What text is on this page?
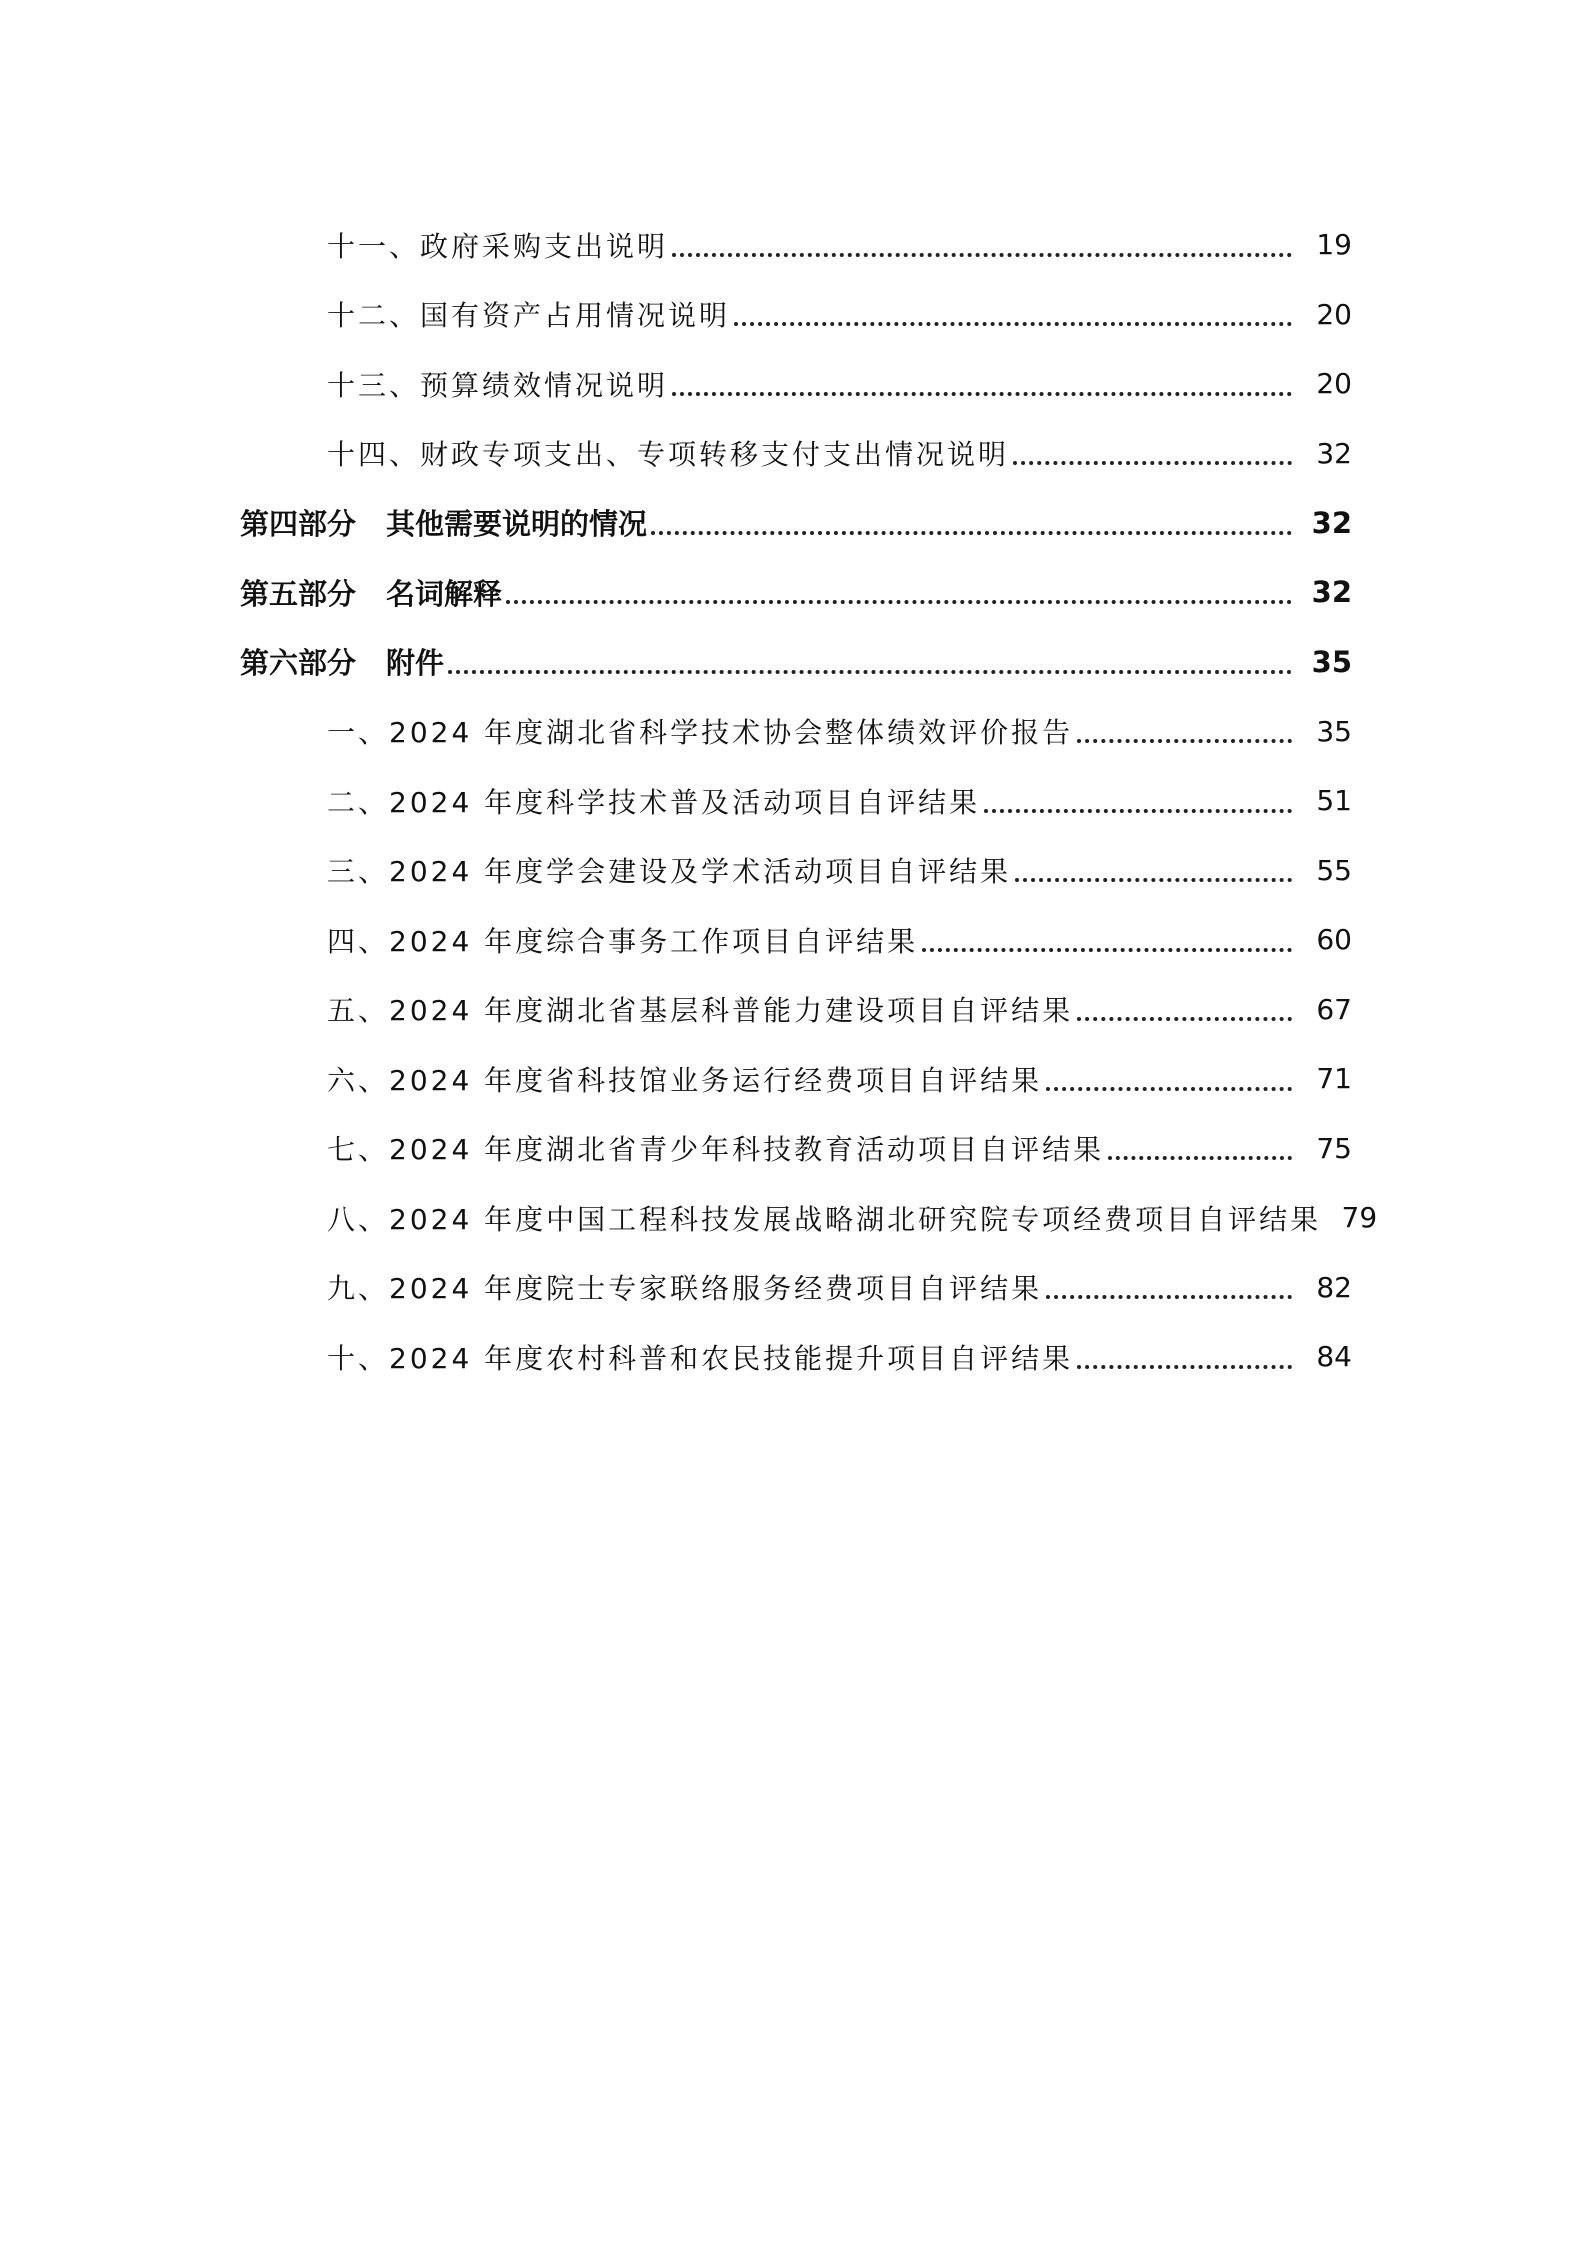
十一、政府采购支出说明	19
十二、国有资产占用情况说明	20
十三、预算绩效情况说明	20
十四、财政专项支出、专项转移支付支出情况说明	32
第四部分 其他需要说明的情况	32
第五部分 名词解释	32
第六部分 附件	35
一、2024 年度湖北省科学技术协会整体绩效评价报告	35
二、2024 年度科学技术普及活动项目自评结果	51
三、2024 年度学会建设及学术活动项目自评结果	55
四、2024 年度综合事务工作项目自评结果	60
五、2024 年度湖北省基层科普能力建设项目自评结果	67
六、2024 年度省科技馆业务运行经费项目自评结果	71
七、2024 年度湖北省青少年科技教育活动项目自评结果	75
八、2024 年度中国工程科技发展战略湖北研究院专项经费项目自评结果 79
九、2024 年度院士专家联络服务经费项目自评结果	82
十、2024 年度农村科普和农民技能提升项目自评结果	84
